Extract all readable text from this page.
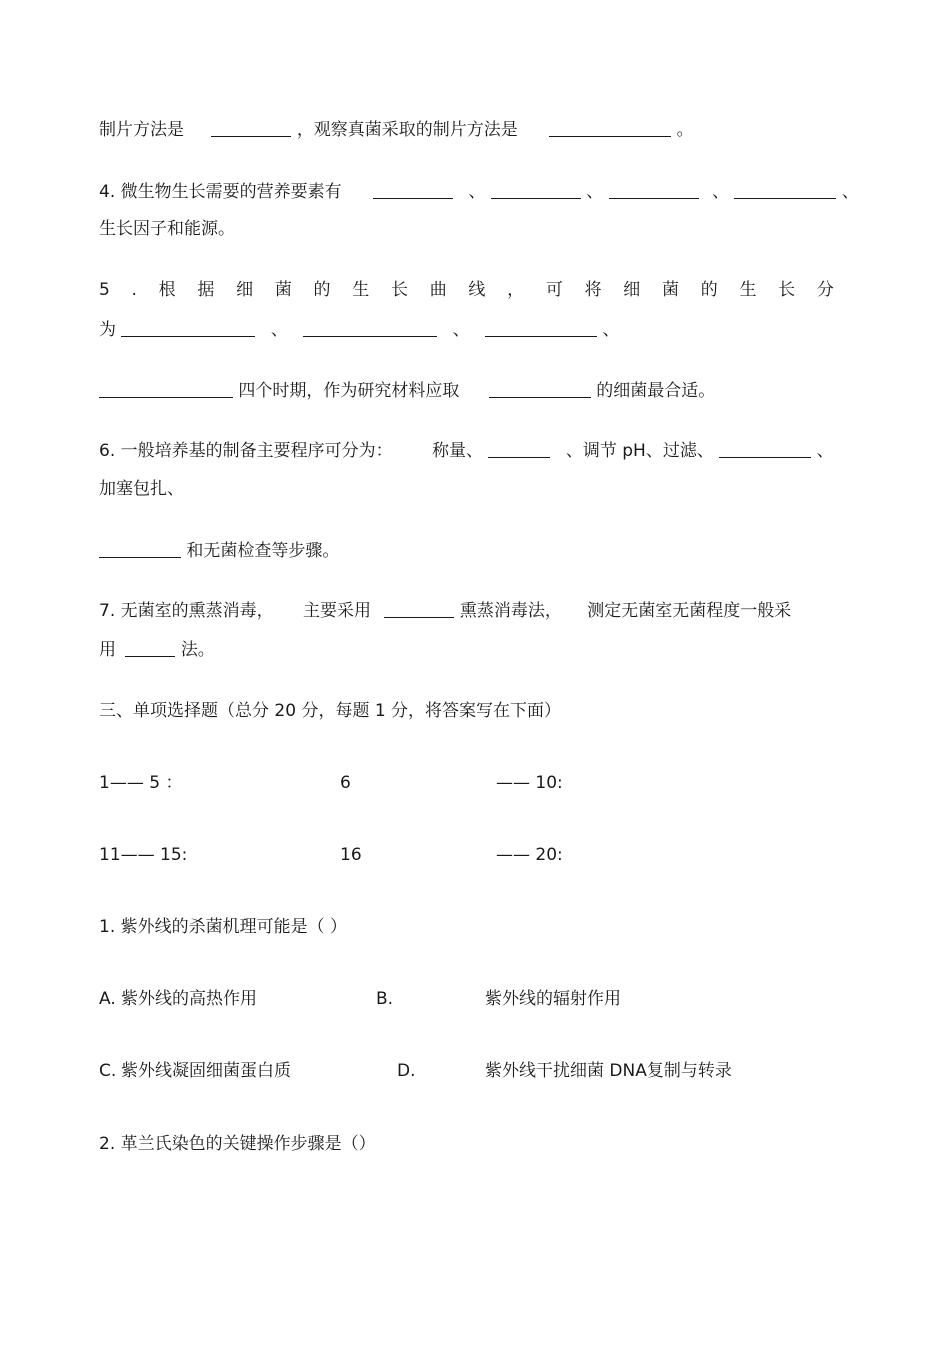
制片方法是	，观察真菌采取的制片方法是	。
4. 微生物生长需要的营养要素有	、	、	、	、
生长因子和能源。
5 . 根 据 细 菌 的 生 长 曲 线 ， 可 将 细 菌 的 生 长 分
为	、	、	、
四个时期，作为研究材料应取	的细菌最合适。
6. 一般培养基的制备主要程序可分为： 称量、	、调节 pH、过滤、	、
加塞包扎、
和无菌检查等步骤。
7. 无菌室的熏蒸消毒， 主要采用	熏蒸消毒法， 测定无菌室无菌程度一般采
用	法。
三、单项选择题（总分 20 分，每题 1 分，将答案写在下面）
1—— 5 ：	6	—— 10:
11—— 15:	16	—— 20:
1. 紫外线的杀菌机理可能是（ ）
A. 紫外线的高热作用	B.	紫外线的辐射作用
C. 紫外线凝固细菌蛋白质	D.	紫外线干扰细菌 DNA复制与转录
2. 革兰氏染色的关键操作步骤是（）
